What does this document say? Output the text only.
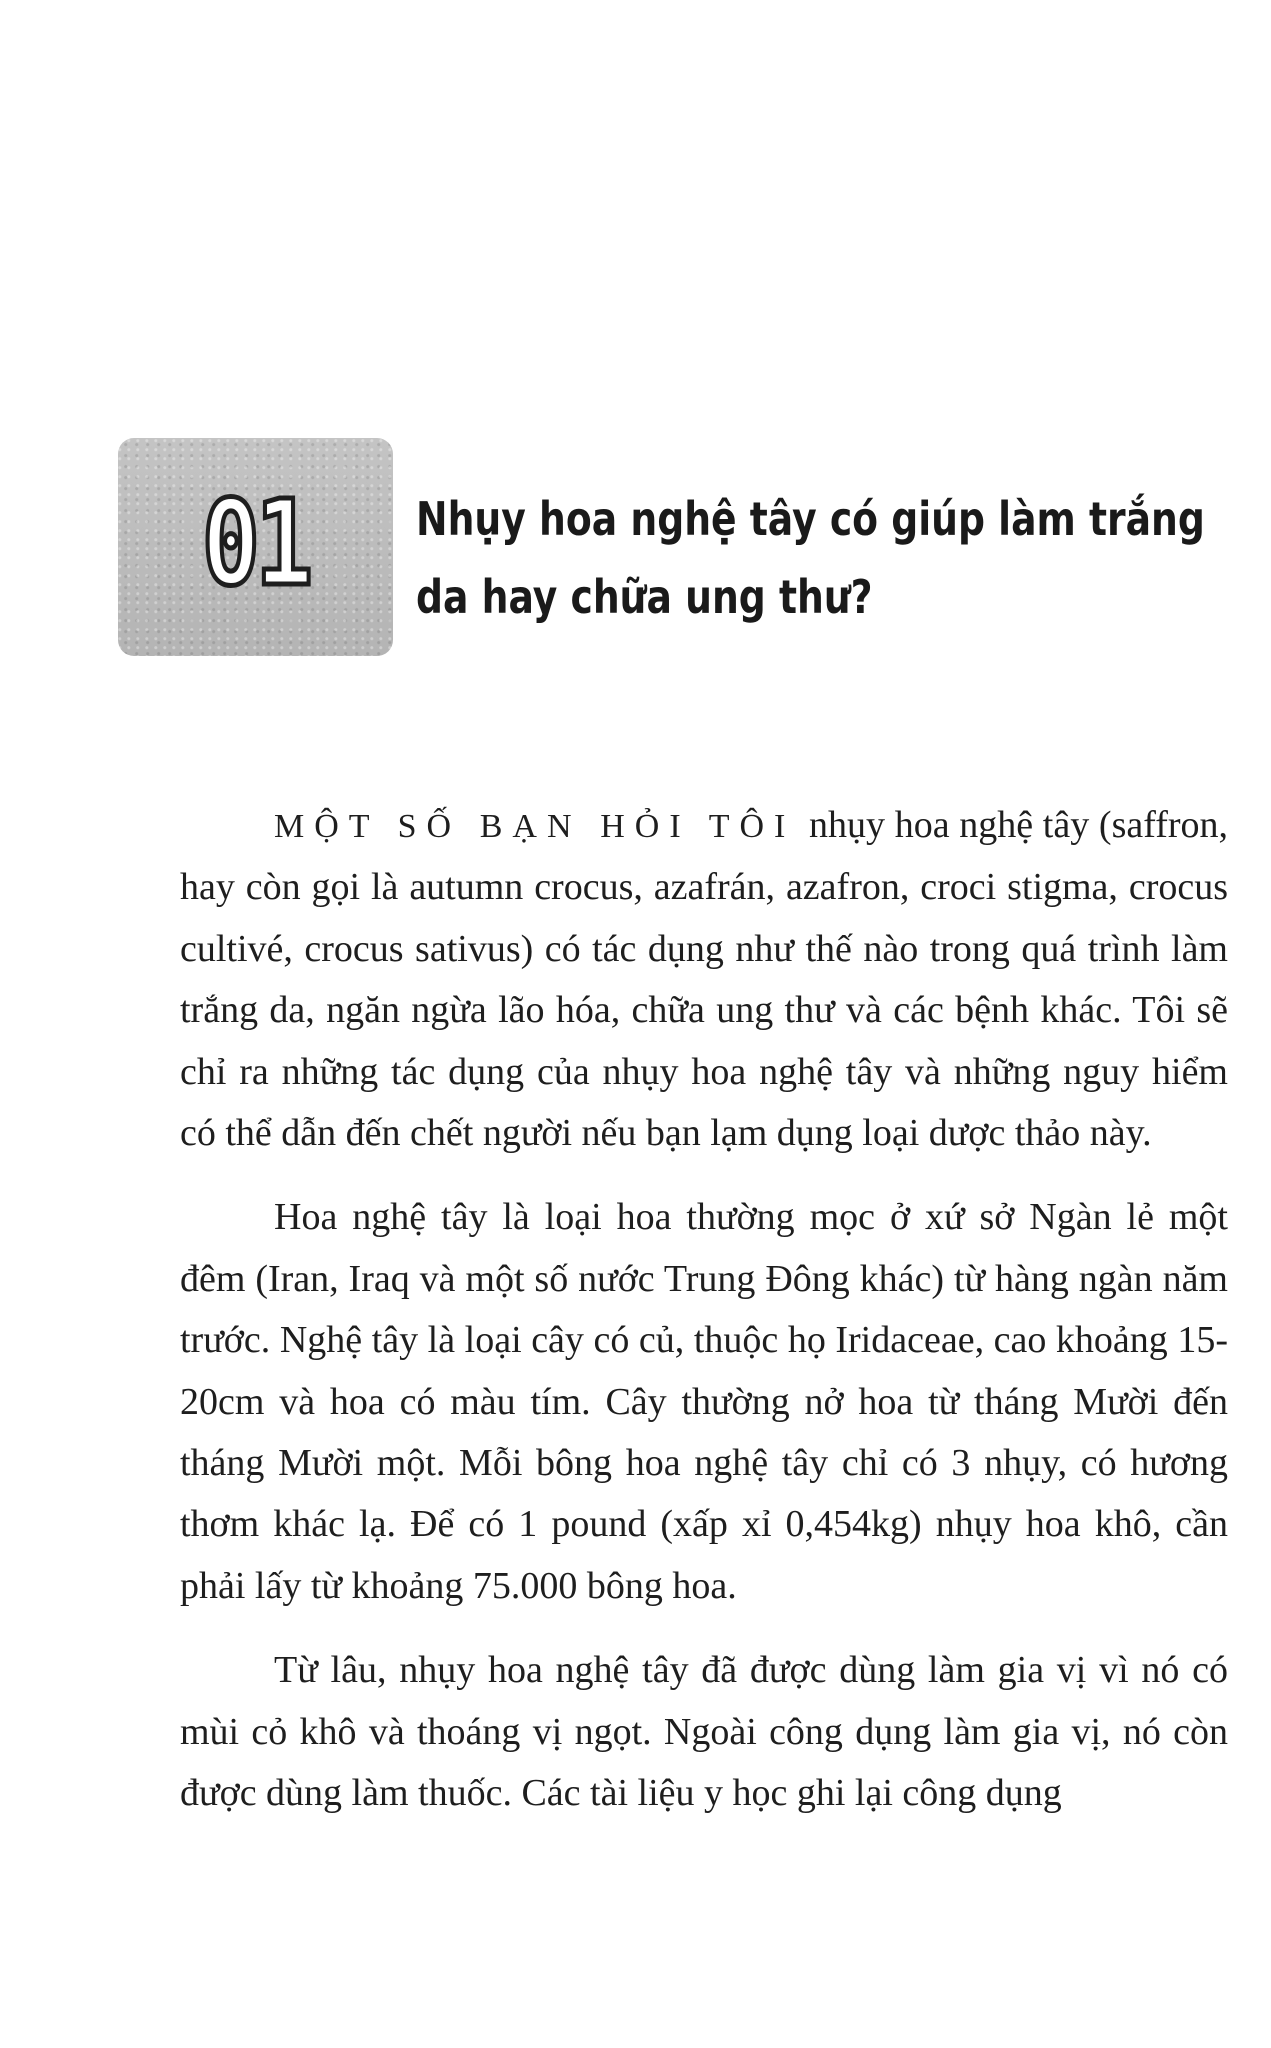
01 Nhụy hoa nghệ tây có giúp làm trắng
da hay chữa ung thư?

MỘT SỐ BẠN HỎI TÔI nhụy hoa nghệ tây (saffron, hay còn gọi là autumn crocus, azafrán, azafron, croci stigma, crocus cultivé, crocus sativus) có tác dụng như thế nào trong quá trình làm trắng da, ngăn ngừa lão hóa, chữa ung thư và các bệnh khác. Tôi sẽ chỉ ra những tác dụng của nhụy hoa nghệ tây và những nguy hiểm có thể dẫn đến chết người nếu bạn lạm dụng loại dược thảo này.

Hoa nghệ tây là loại hoa thường mọc ở xứ sở Ngàn lẻ một đêm (Iran, Iraq và một số nước Trung Đông khác) từ hàng ngàn năm trước. Nghệ tây là loại cây có củ, thuộc họ Iridaceae, cao khoảng 15-20cm và hoa có màu tím. Cây thường nở hoa từ tháng Mười đến tháng Mười một. Mỗi bông hoa nghệ tây chỉ có 3 nhụy, có hương thơm khác lạ. Để có 1 pound (xấp xỉ 0,454kg) nhụy hoa khô, cần phải lấy từ khoảng 75.000 bông hoa.

Từ lâu, nhụy hoa nghệ tây đã được dùng làm gia vị vì nó có mùi cỏ khô và thoáng vị ngọt. Ngoài công dụng làm gia vị, nó còn được dùng làm thuốc. Các tài liệu y học ghi lại công dụng
